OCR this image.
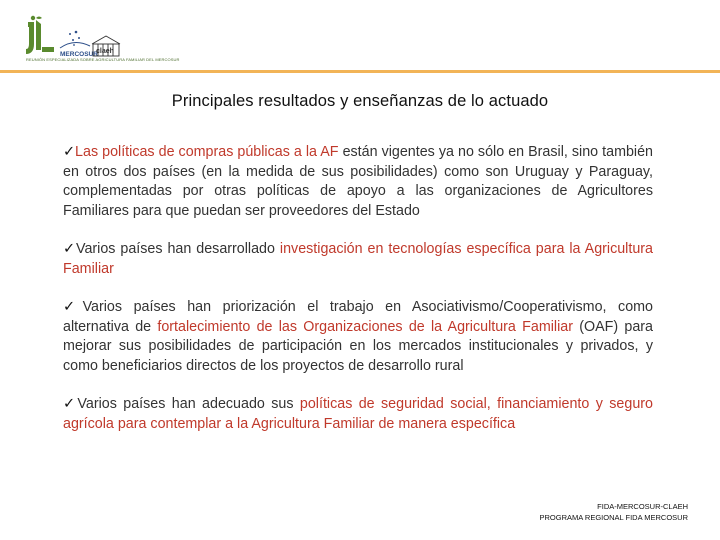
MERCOSUR
claeh
REUNIÓN ESPECIALIZADA SOBRE AGRICULTURA FAMILIAR DEL MERCOSUR
Principales resultados y enseñanzas de lo actuado
✓Las políticas de compras públicas a la AF están vigentes ya no sólo en Brasil, sino también en otros dos países (en la medida de sus posibilidades) como son Uruguay y Paraguay, complementadas por otras políticas de apoyo a las organizaciones de Agricultores Familiares para que puedan ser proveedores del Estado
✓Varios países han desarrollado investigación en tecnologías específica para la Agricultura Familiar
✓Varios países han priorización el trabajo en Asociativismo/Cooperativismo, como alternativa de fortalecimiento de las Organizaciones de la Agricultura Familiar (OAF) para mejorar sus posibilidades de participación en los mercados institucionales y privados, y como beneficiarios directos de los proyectos de desarrollo rural
✓Varios países han adecuado sus políticas de seguridad social, financiamiento y seguro agrícola para contemplar a la Agricultura Familiar de manera específica
FIDA-MERCOSUR-CLAEH
PROGRAMA REGIONAL FIDA MERCOSUR
